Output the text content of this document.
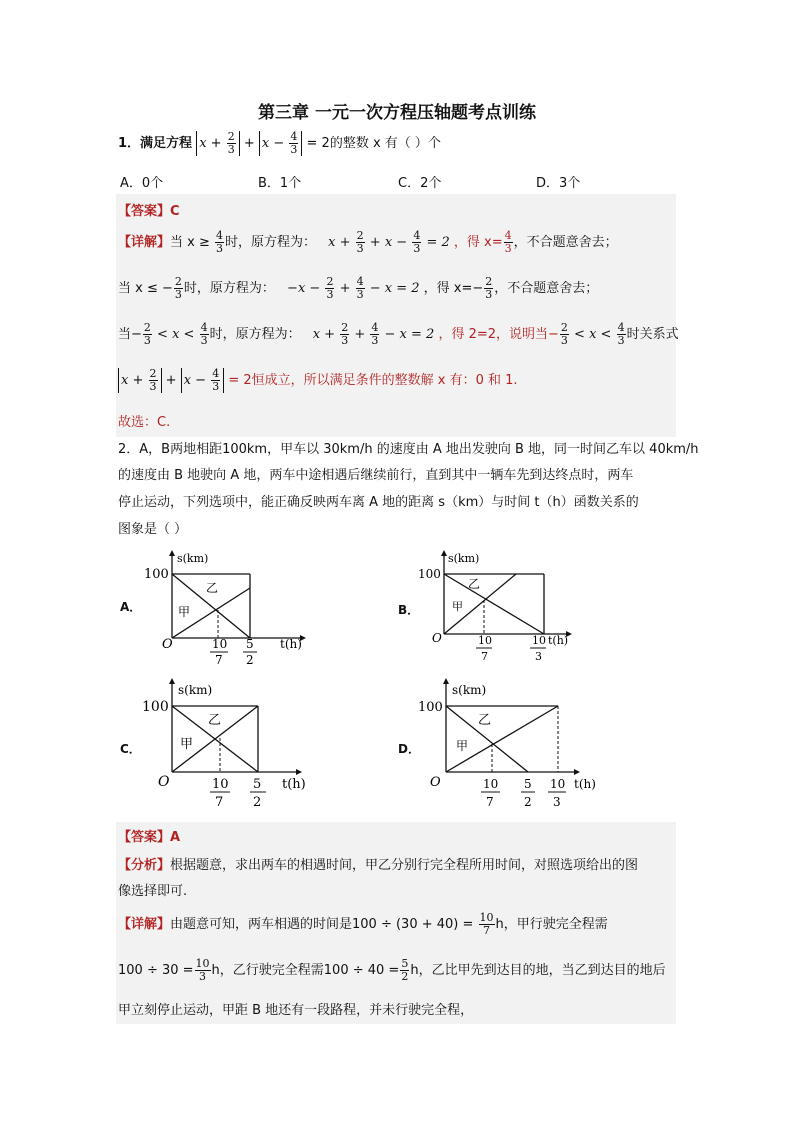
第三章 一元一次方程压轴题考点训练
1．满足方程 $x + \frac{2}{3} + x - \frac{4}{3} = 2$的整数 x 有（ ）个
A．0个	B．1个	C．2个	D．3个
【答案】C
【详解】当 $x \ge \frac{4}{3}$ 时，原方程为： $x + \frac{2}{3} + x - \frac{4}{3} = 2$ ，得 $x= \frac{4}{3}$ ，不合题意舍去；
当 x ≤ − $\frac{2}{3}$ 时，原方程为： $-x - \frac{2}{3} + \frac{4}{3} - x = 2$ ，得 $x=- \frac{2}{3}$ ，不合题意舍去；
当− $\frac{2}{3} < x < \frac{4}{3}$ 时，原方程为： $x + \frac{2}{3} + \frac{4}{3} - x = 2$ ，得 2=2，说明当− $\frac{2}{3} < x < \frac{4}{3}$ 时关系式
$x + \frac{2}{3} + x - \frac{4}{3} = 2$恒成立，所以满足条件的整数解 x 有：0 和 1.
故选：C.
2．A，B两地相距100km，甲车以 30km/h 的速度由 A 地出发驶向 B 地，同一时间乙车以 40km/h
的速度由 B 地驶向 A 地，两车中途相遇后继续前行，直到其中一辆车先到达终点时，两车
停止运动，下列选项中，能正确反映两车离 A 地的距离 s（km）与时间 t（h）函数关系的
图象是（ ）
A．
100
O
s(km)
t(h)
乙
甲
10
7
5
2
B．
100
O
s(km)
t(h)
乙
甲
10
7
10
3
C．
100
O
s(km)
t(h)
乙
甲
10
7
5
2
D．
100
O
s(km)
t(h)
乙
甲
10
7
5
2
10
3
【答案】A
【分析】根据题意，求出两车的相遇时间，甲乙分别行完全程所用时间，对照选项给出的图
像选择即可.
【详解】由题意可知，两车相遇的时间是$100 \div (30 + 40) = \frac{10}{7}$ h，甲行驶完全程需
$100 \div 30 = \frac{10}{3}$ h，乙行驶完全程需$100 \div 40 = \frac{5}{2}$ h，乙比甲先到达目的地，当乙到达目的地后
甲立刻停止运动，甲距 B 地还有一段路程，并未行驶完全程，
